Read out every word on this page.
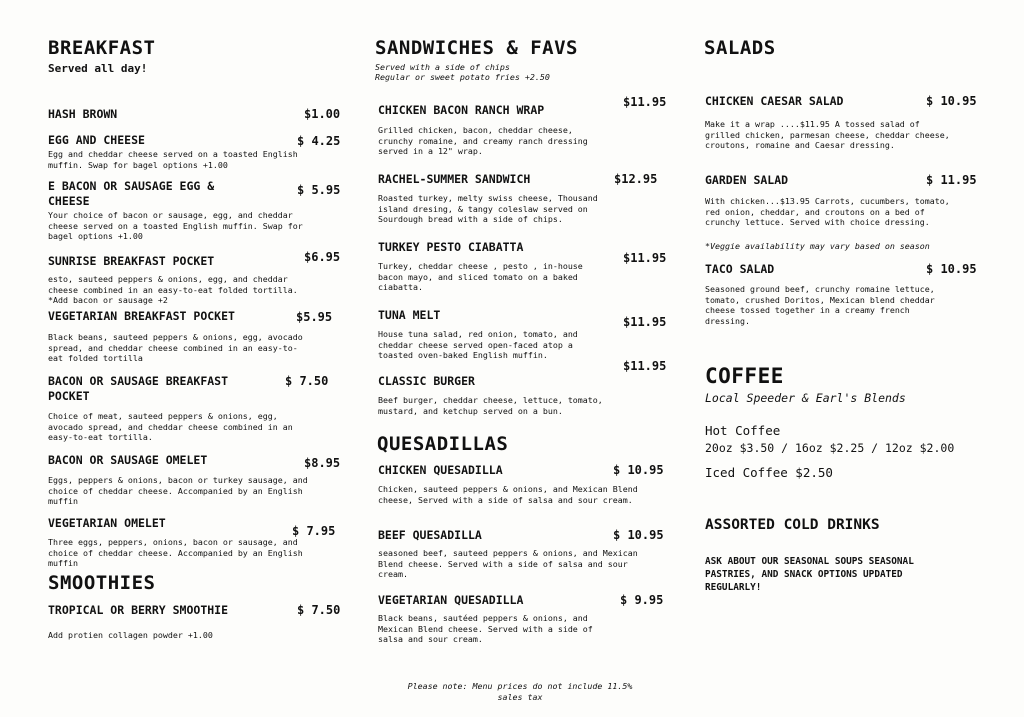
BREAKFAST
Served all day!
HASH BROWN	$1.00
EGG AND CHEESE	$ 4.25
Egg and cheddar cheese served on a toasted English muffin. Swap for bagel options +1.00
E BACON OR SAUSAGE EGG & CHEESE
$ 5.95
Your choice of bacon or sausage, egg, and cheddar cheese served on a toasted English muffin. Swap for bagel options +1.00
SUNRISE BREAKFAST POCKET	$6.95
esto, sauteed peppers & onions, egg, and cheddar cheese combined in an easy-to-eat folded tortilla. *Add bacon or sausage +2
VEGETARIAN BREAKFAST POCKET	$5.95
Black beans, sauteed peppers & onions, egg, avocado spread, and cheddar cheese combined in an easy-to-eat folded tortilla
BACON OR SAUSAGE BREAKFAST POCKET
$ 7.50
Choice of meat, sauteed peppers & onions, egg, avocado spread, and cheddar cheese combined in an easy-to-eat tortilla.
BACON OR SAUSAGE OMELET	$8.95
Eggs, peppers & onions, bacon or turkey sausage, and choice of cheddar cheese. Accompanied by an English muffin
VEGETARIAN OMELET
$ 7.95
Three eggs, peppers, onions, bacon or sausage, and choice of cheddar cheese. Accompanied by an English muffin
SMOOTHIES
TROPICAL OR BERRY SMOOTHIE	$ 7.50
Add protien collagen powder +1.00
SANDWICHES & FAVS
Served with a side of chips
Regular or sweet potato fries +2.50
CHICKEN BACON RANCH WRAP
$11.95
Grilled chicken, bacon, cheddar cheese, crunchy romaine, and creamy ranch dressing served in a 12" wrap.
RACHEL-SUMMER SANDWICH	$12.95
Roasted turkey, melty swiss cheese, Thousand island dresing, & tangy coleslaw served on Sourdough bread with a side of chips.
TURKEY PESTO CIABATTA
$11.95
Turkey, cheddar cheese , pesto , in-house bacon mayo, and sliced tomato on a baked ciabatta.
TUNA MELT	$11.95
House tuna salad, red onion, tomato, and cheddar cheese served open-faced atop a toasted oven-baked English muffin.
$11.95
CLASSIC BURGER
Beef burger, cheddar cheese, lettuce, tomato, mustard, and ketchup served on a bun.
QUESADILLAS
CHICKEN QUESADILLA	$ 10.95
Chicken, sauteed peppers & onions, and Mexican Blend cheese, Served with a side of salsa and sour cream.
BEEF QUESADILLA	$ 10.95
seasoned beef, sauteed peppers & onions, and Mexican Blend cheese. Served with a side of salsa and sour cream.
VEGETARIAN QUESADILLA	$ 9.95
Black beans, sautéed peppers & onions, and Mexican Blend cheese. Served with a side of salsa and sour cream.
Please note: Menu prices do not include 11.5% sales tax
SALADS
CHICKEN CAESAR SALAD	$ 10.95
Make it a wrap ....$11.95 A tossed salad of grilled chicken, parmesan cheese, cheddar cheese, croutons, romaine and Caesar dressing.
GARDEN SALAD	$ 11.95
With chicken...$13.95 Carrots, cucumbers, tomato, red onion, cheddar, and croutons on a bed of crunchy lettuce. Served with choice dressing.
*Veggie availability may vary based on season
TACO SALAD	$ 10.95
Seasoned ground beef, crunchy romaine lettuce, tomato, crushed Doritos, Mexican blend cheddar cheese tossed together in a creamy french dressing.
COFFEE
Local Speeder & Earl's Blends
Hot Coffee
20oz $3.50 / 16oz $2.25 / 12oz $2.00
Iced Coffee $2.50
ASSORTED COLD DRINKS
ASK ABOUT OUR SEASONAL SOUPS SEASONAL PASTRIES, AND SNACK OPTIONS UPDATED REGULARLY!
